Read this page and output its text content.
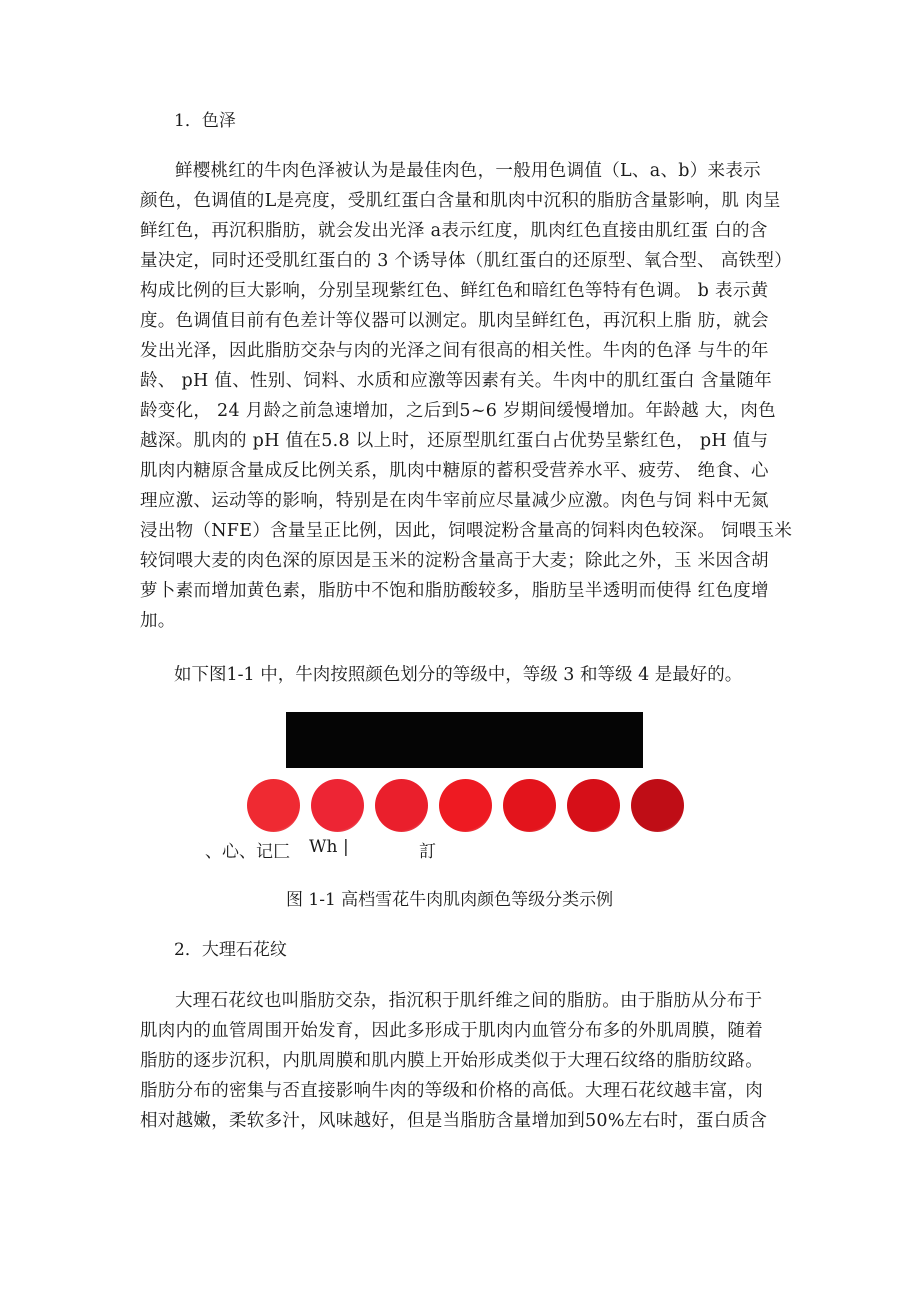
1．色泽
鲜樱桃红的牛肉色泽被认为是最佳肉色，一般用色调值（L、a、b）来表示
颜色，色调值的L是亮度，受肌红蛋白含量和肌肉中沉积的脂肪含量影响，肌 肉呈
鲜红色，再沉积脂肪，就会发出光泽 a表示红度，肌肉红色直接由肌红蛋 白的含
量决定，同时还受肌红蛋白的 3 个诱导体（肌红蛋白的还原型、氧合型、 高铁型）
构成比例的巨大影响，分别呈现紫红色、鲜红色和暗红色等特有色调。 b 表示黄
度。色调值目前有色差计等仪器可以测定。肌肉呈鲜红色，再沉积上脂 肪，就会
发出光泽，因此脂肪交杂与肉的光泽之间有很高的相关性。牛肉的色泽 与牛的年
龄、 pH 值、性别、饲料、水质和应激等因素有关。牛肉中的肌红蛋白 含量随年
龄变化， 24 月龄之前急速增加，之后到5~6 岁期间缓慢增加。年龄越 大，肉色
越深。肌肉的 pH 值在5.8 以上时，还原型肌红蛋白占优势呈紫红色， pH 值与
肌肉内糖原含量成反比例关系，肌肉中糖原的蓄积受营养水平、疲劳、 绝食、心
理应激、运动等的影响，特别是在肉牛宰前应尽量减少应激。肉色与饲 料中无氮
浸出物（NFE）含量呈正比例，因此，饲喂淀粉含量高的饲料肉色较深。 饲喂玉米
较饲喂大麦的肉色深的原因是玉米的淀粉含量高于大麦；除此之外，玉 米因含胡
萝卜素而增加黄色素，脂肪中不饱和脂肪酸较多，脂肪呈半透明而使得 红色度增
加。
如下图1-1 中，牛肉按照颜色划分的等级中，等级 3 和等级 4 是最好的。
、心、记匚 Wh |	訂
图 1-1 高档雪花牛肉肌肉颜色等级分类示例
2．大理石花纹
大理石花纹也叫脂肪交杂，指沉积于肌纤维之间的脂肪。由于脂肪从分布于
肌肉内的血管周围开始发育，因此多形成于肌肉内血管分布多的外肌周膜，随着
脂肪的逐步沉积，内肌周膜和肌内膜上开始形成类似于大理石纹络的脂肪纹路。
脂肪分布的密集与否直接影响牛肉的等级和价格的高低。大理石花纹越丰富，肉
相对越嫩，柔软多汁，风味越好，但是当脂肪含量增加到50%左右时，蛋白质含
